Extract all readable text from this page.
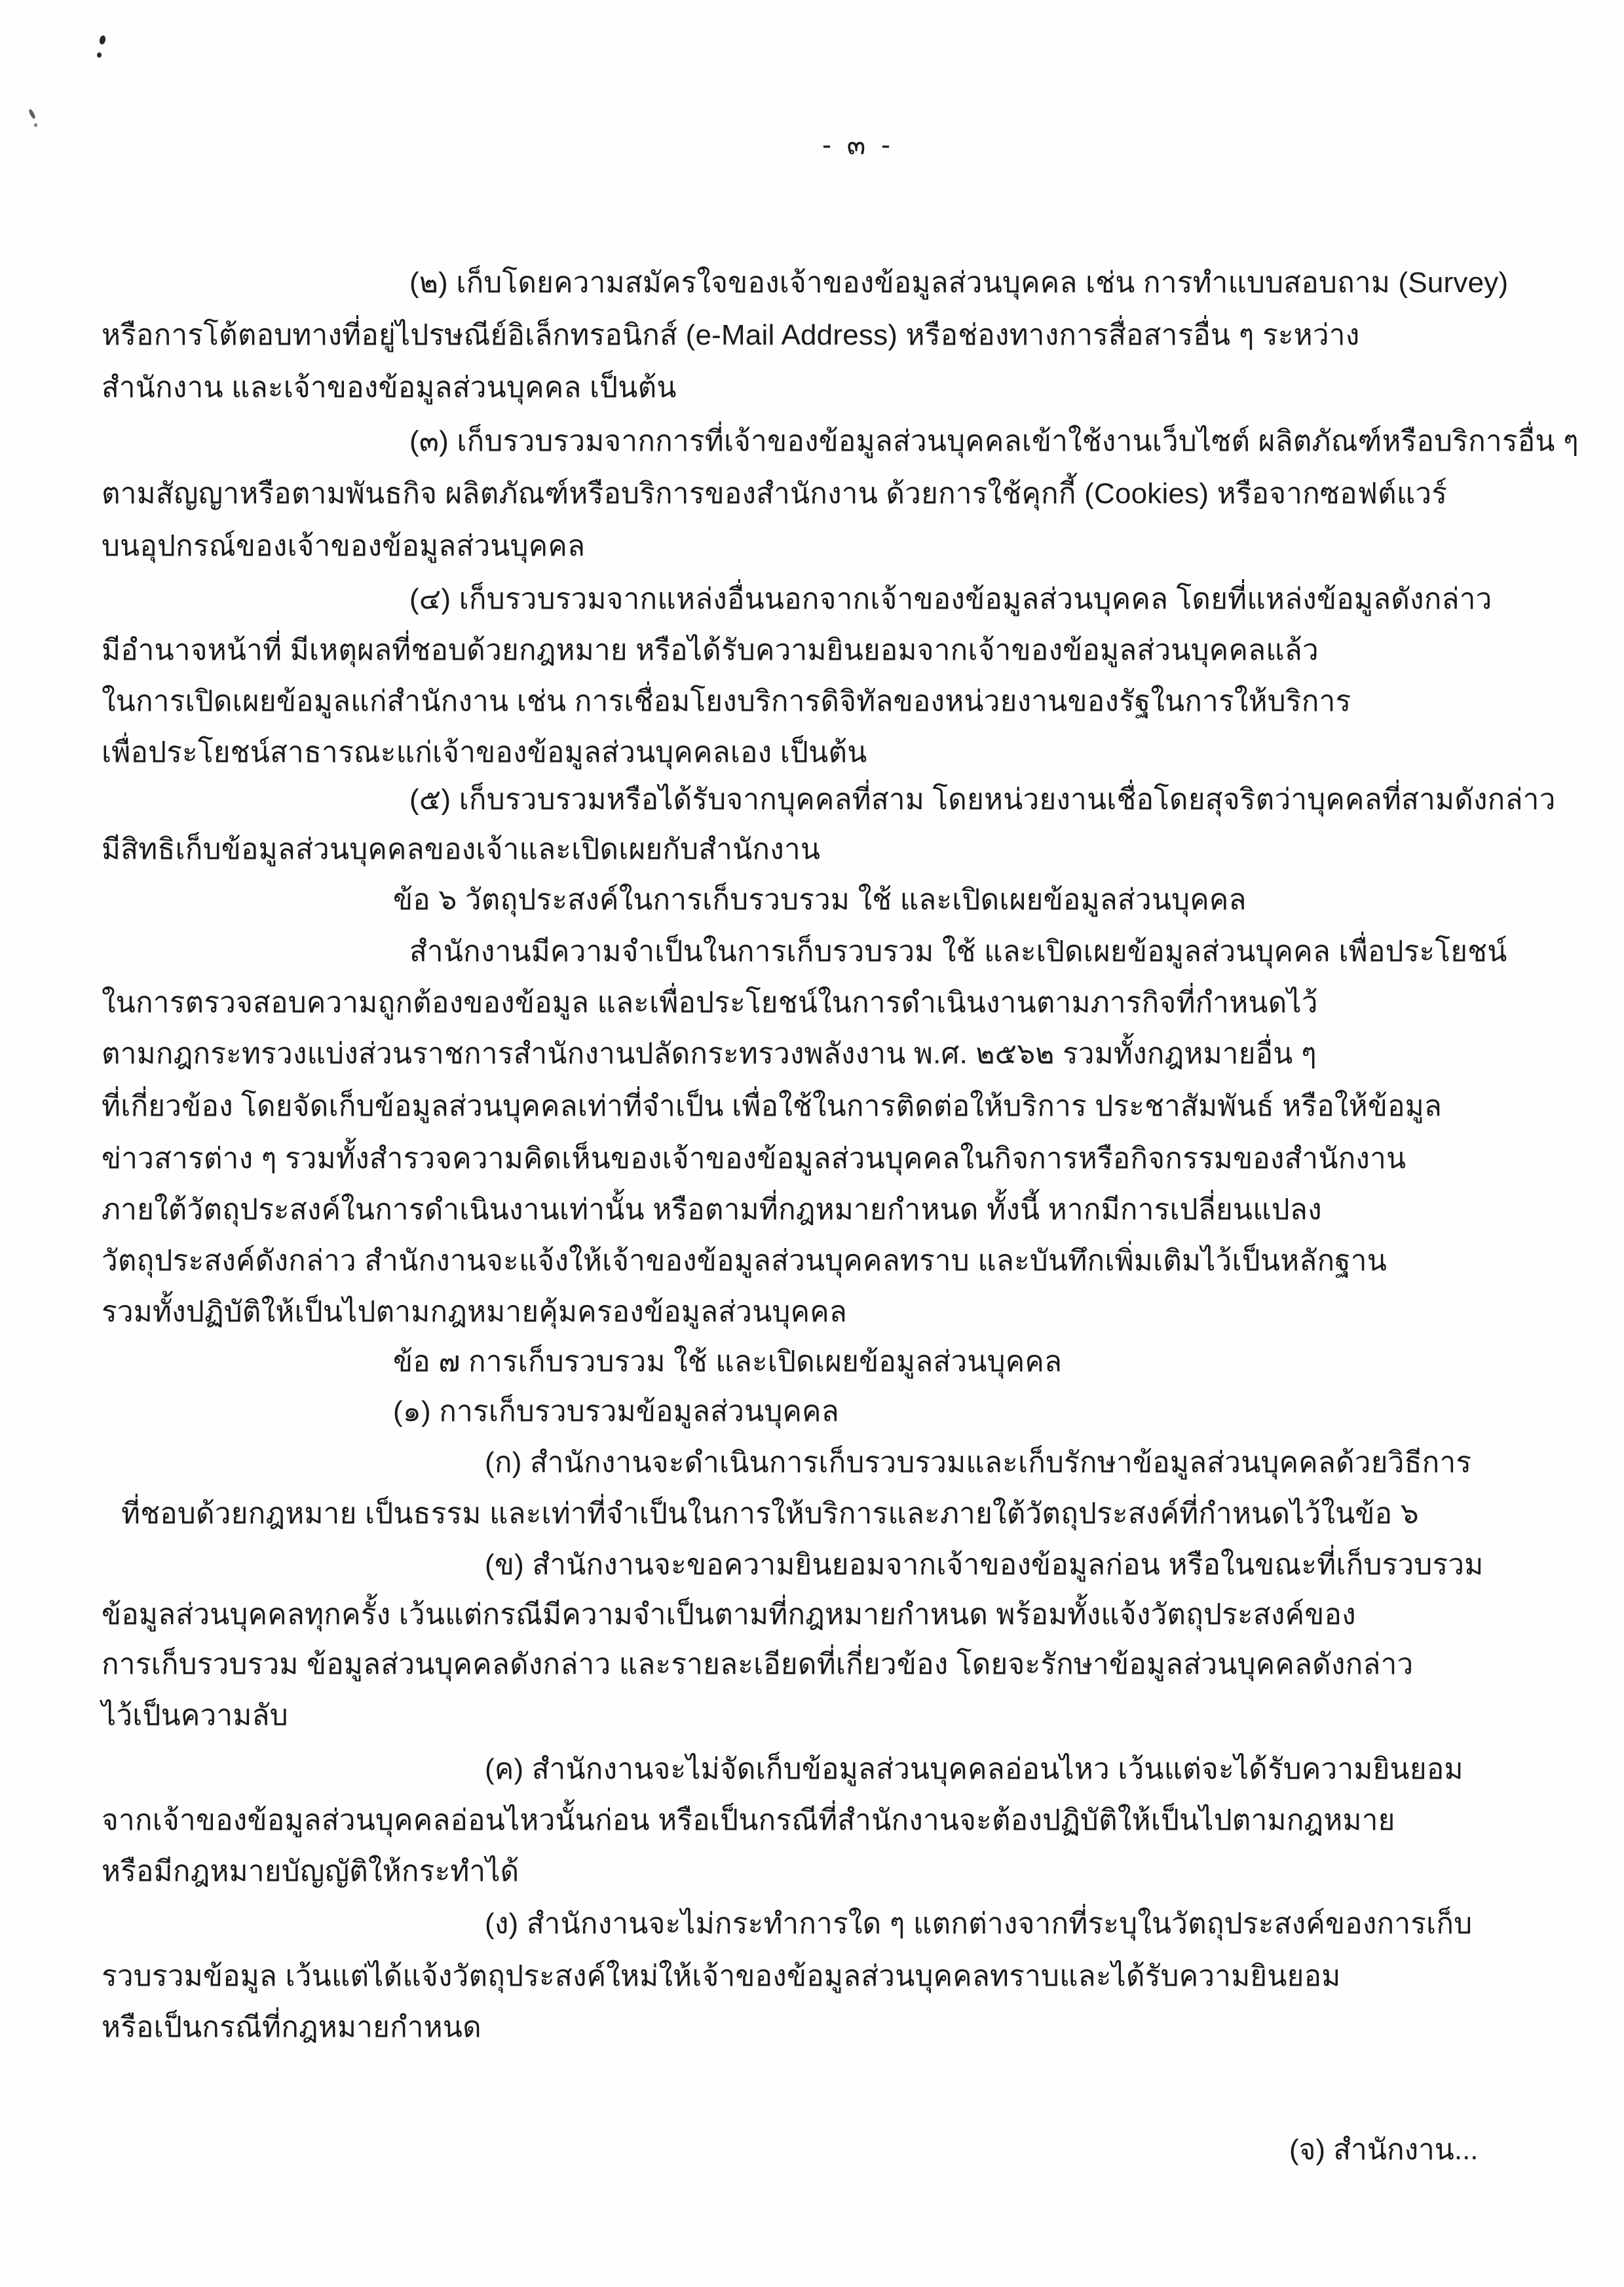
- ๓ -
(๒) เก็บโดยความสมัครใจของเจ้าของข้อมูลส่วนบุคคล เช่น การทำแบบสอบถาม (Survey)
หรือการโต้ตอบทางที่อยู่ไปรษณีย์อิเล็กทรอนิกส์ (e-Mail Address) หรือช่องทางการสื่อสารอื่น ๆ ระหว่าง
สำนักงาน และเจ้าของข้อมูลส่วนบุคคล เป็นต้น
(๓) เก็บรวบรวมจากการที่เจ้าของข้อมูลส่วนบุคคลเข้าใช้งานเว็บไซต์ ผลิตภัณฑ์หรือบริการอื่น ๆ
ตามสัญญาหรือตามพันธกิจ ผลิตภัณฑ์หรือบริการของสำนักงาน ด้วยการใช้คุกกี้ (Cookies) หรือจากซอฟต์แวร์
บนอุปกรณ์ของเจ้าของข้อมูลส่วนบุคคล
(๔) เก็บรวบรวมจากแหล่งอื่นนอกจากเจ้าของข้อมูลส่วนบุคคล โดยที่แหล่งข้อมูลดังกล่าว
มีอำนาจหน้าที่ มีเหตุผลที่ชอบด้วยกฎหมาย หรือได้รับความยินยอมจากเจ้าของข้อมูลส่วนบุคคลแล้ว
ในการเปิดเผยข้อมูลแก่สำนักงาน เช่น การเชื่อมโยงบริการดิจิทัลของหน่วยงานของรัฐในการให้บริการ
เพื่อประโยชน์สาธารณะแก่เจ้าของข้อมูลส่วนบุคคลเอง เป็นต้น
(๕) เก็บรวบรวมหรือได้รับจากบุคคลที่สาม โดยหน่วยงานเชื่อโดยสุจริตว่าบุคคลที่สามดังกล่าว
มีสิทธิเก็บข้อมูลส่วนบุคคลของเจ้าและเปิดเผยกับสำนักงาน
ข้อ ๖ วัตถุประสงค์ในการเก็บรวบรวม ใช้ และเปิดเผยข้อมูลส่วนบุคคล
สำนักงานมีความจำเป็นในการเก็บรวบรวม ใช้ และเปิดเผยข้อมูลส่วนบุคคล เพื่อประโยชน์
ในการตรวจสอบความถูกต้องของข้อมูล และเพื่อประโยชน์ในการดำเนินงานตามภารกิจที่กำหนดไว้
ตามกฎกระทรวงแบ่งส่วนราชการสำนักงานปลัดกระทรวงพลังงาน พ.ศ. ๒๕๖๒ รวมทั้งกฎหมายอื่น ๆ
ที่เกี่ยวข้อง โดยจัดเก็บข้อมูลส่วนบุคคลเท่าที่จำเป็น เพื่อใช้ในการติดต่อให้บริการ ประชาสัมพันธ์ หรือให้ข้อมูล
ข่าวสารต่าง ๆ รวมทั้งสำรวจความคิดเห็นของเจ้าของข้อมูลส่วนบุคคลในกิจการหรือกิจกรรมของสำนักงาน
ภายใต้วัตถุประสงค์ในการดำเนินงานเท่านั้น หรือตามที่กฎหมายกำหนด ทั้งนี้ หากมีการเปลี่ยนแปลง
วัตถุประสงค์ดังกล่าว สำนักงานจะแจ้งให้เจ้าของข้อมูลส่วนบุคคลทราบ และบันทึกเพิ่มเติมไว้เป็นหลักฐาน
รวมทั้งปฏิบัติให้เป็นไปตามกฎหมายคุ้มครองข้อมูลส่วนบุคคล
ข้อ ๗ การเก็บรวบรวม ใช้ และเปิดเผยข้อมูลส่วนบุคคล
(๑) การเก็บรวบรวมข้อมูลส่วนบุคคล
(ก) สำนักงานจะดำเนินการเก็บรวบรวมและเก็บรักษาข้อมูลส่วนบุคคลด้วยวิธีการ
ที่ชอบด้วยกฎหมาย เป็นธรรม และเท่าที่จำเป็นในการให้บริการและภายใต้วัตถุประสงค์ที่กำหนดไว้ในข้อ ๖
(ข) สำนักงานจะขอความยินยอมจากเจ้าของข้อมูลก่อน หรือในขณะที่เก็บรวบรวม
ข้อมูลส่วนบุคคลทุกครั้ง เว้นแต่กรณีมีความจำเป็นตามที่กฎหมายกำหนด พร้อมทั้งแจ้งวัตถุประสงค์ของ
การเก็บรวบรวม ข้อมูลส่วนบุคคลดังกล่าว และรายละเอียดที่เกี่ยวข้อง โดยจะรักษาข้อมูลส่วนบุคคลดังกล่าว
ไว้เป็นความลับ
(ค) สำนักงานจะไม่จัดเก็บข้อมูลส่วนบุคคลอ่อนไหว เว้นแต่จะได้รับความยินยอม
จากเจ้าของข้อมูลส่วนบุคคลอ่อนไหวนั้นก่อน หรือเป็นกรณีที่สำนักงานจะต้องปฏิบัติให้เป็นไปตามกฎหมาย
หรือมีกฎหมายบัญญัติให้กระทำได้
(ง) สำนักงานจะไม่กระทำการใด ๆ แตกต่างจากที่ระบุในวัตถุประสงค์ของการเก็บ
รวบรวมข้อมูล เว้นแต่ได้แจ้งวัตถุประสงค์ใหม่ให้เจ้าของข้อมูลส่วนบุคคลทราบและได้รับความยินยอม
หรือเป็นกรณีที่กฎหมายกำหนด
(จ) สำนักงาน...
